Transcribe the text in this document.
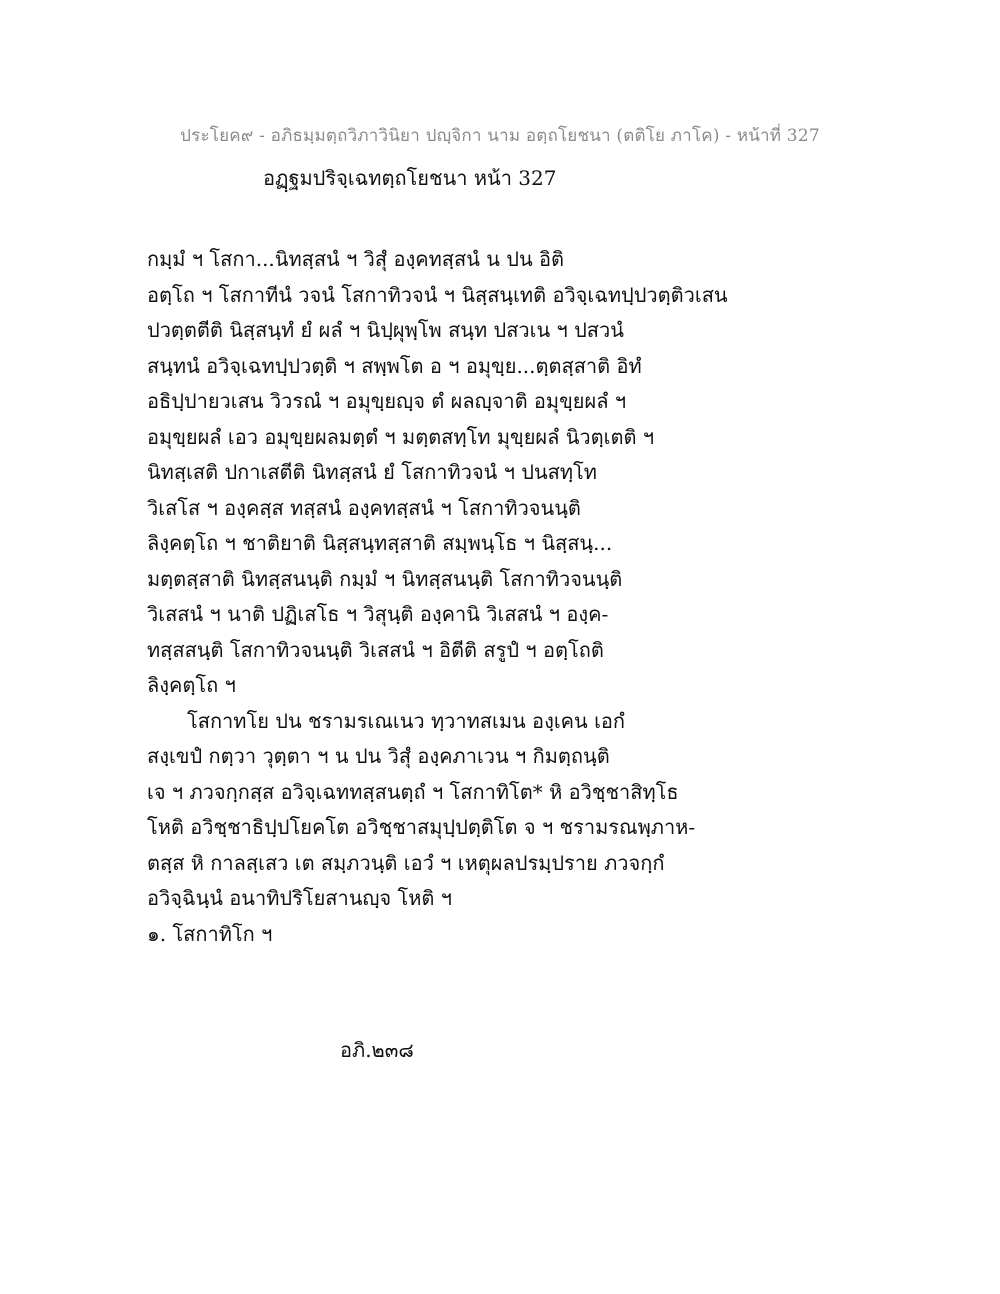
ประโยค๙ - อภิธมฺมตฺถวิภาวินิยา ปญฺจิกา นาม อตฺถโยชนา (ตติโย ภาโค) - หน้าที่ 327
อฏฺฐมปริจฺเฉทตฺถโยชนา หน้า 327
กมฺมํ ฯ โสกา...นิทสฺสนํ ฯ วิสุํ องฺคทสฺสนํ น ปน อิติ
อตฺโถ ฯ โสกาทีนํ วจนํ โสกาทิวจนํ ฯ นิสฺสนฺเทติ อวิจฺเฉทปฺปวตฺติวเสน
ปวตฺตตีติ นิสฺสนฺทํ ยํ ผลํ ฯ นิปฺผุพฺโพ สนฺท ปสวเน ฯ ปสวนํ
สนฺทนํ อวิจฺเฉทปฺปวตฺติ ฯ สพฺพโต อ ฯ อมุขฺย...ตฺตสฺสาติ อิทํ
อธิปฺปายวเสน วิวรณํ ฯ อมุขฺยญฺจ ตํ ผลญฺจาติ อมุขฺยผลํ ฯ
อมุขฺยผลํ เอว อมุขฺยผลมตฺตํ ฯ มตฺตสทฺโท มุขฺยผลํ นิวตฺเตติ ฯ
นิทสฺเสติ ปกาเสตีติ นิทสฺสนํ ยํ โสกาทิวจนํ ฯ ปนสทฺโท
วิเสโส ฯ องฺคสฺส ทสฺสนํ องฺคทสฺสนํ ฯ โสกาทิวจนนฺติ
ลิงฺคตฺโถ ฯ ชาติยาติ นิสฺสนฺทสฺสาติ สมฺพนฺโธ ฯ นิสฺสนฺ...
มตฺตสฺสาติ นิทสฺสนนฺติ กมฺมํ ฯ นิทสฺสนนฺติ โสกาทิวจนนฺติ
วิเสสนํ ฯ นาติ ปฏิเสโธ ฯ วิสุนฺติ องฺคานิ วิเสสนํ ฯ องฺค-
ทสฺสสนฺติ โสกาทิวจนนฺติ วิเสสนํ ฯ อิตีติ สรูปํ ฯ อตฺโถติ
ลิงฺคตฺโถ ฯ
โสกาทโย ปน ชรามรเณเนว ทฺวาทสเมน องฺเคน เอกํ
สงฺเขปํ กตฺวา วุตฺตา ฯ น ปน วิสุํ องฺคภาเวน ฯ กิมตฺถนฺติ
เจ ฯ ภวจกฺกสฺส อวิจฺเฉททสฺสนตฺถํ ฯ โสกาทิโต* หิ อวิชฺชาสิทฺโธ
โหติ อวิชฺชาธิปฺปโยคโต อวิชฺชาสมุปฺปตฺติโต จ ฯ ชรามรณพฺภาห-
ตสฺส หิ กาลสฺเสว เต สมฺภวนฺติ เอวํ ฯ เหตุผลปรมฺปราย ภวจกฺกํ
อวิจฺฉินฺนํ อนาทิปริโยสานญฺจ โหติ ฯ
๑. โสกาทิโก ฯ
อภิ.๒๓๘
